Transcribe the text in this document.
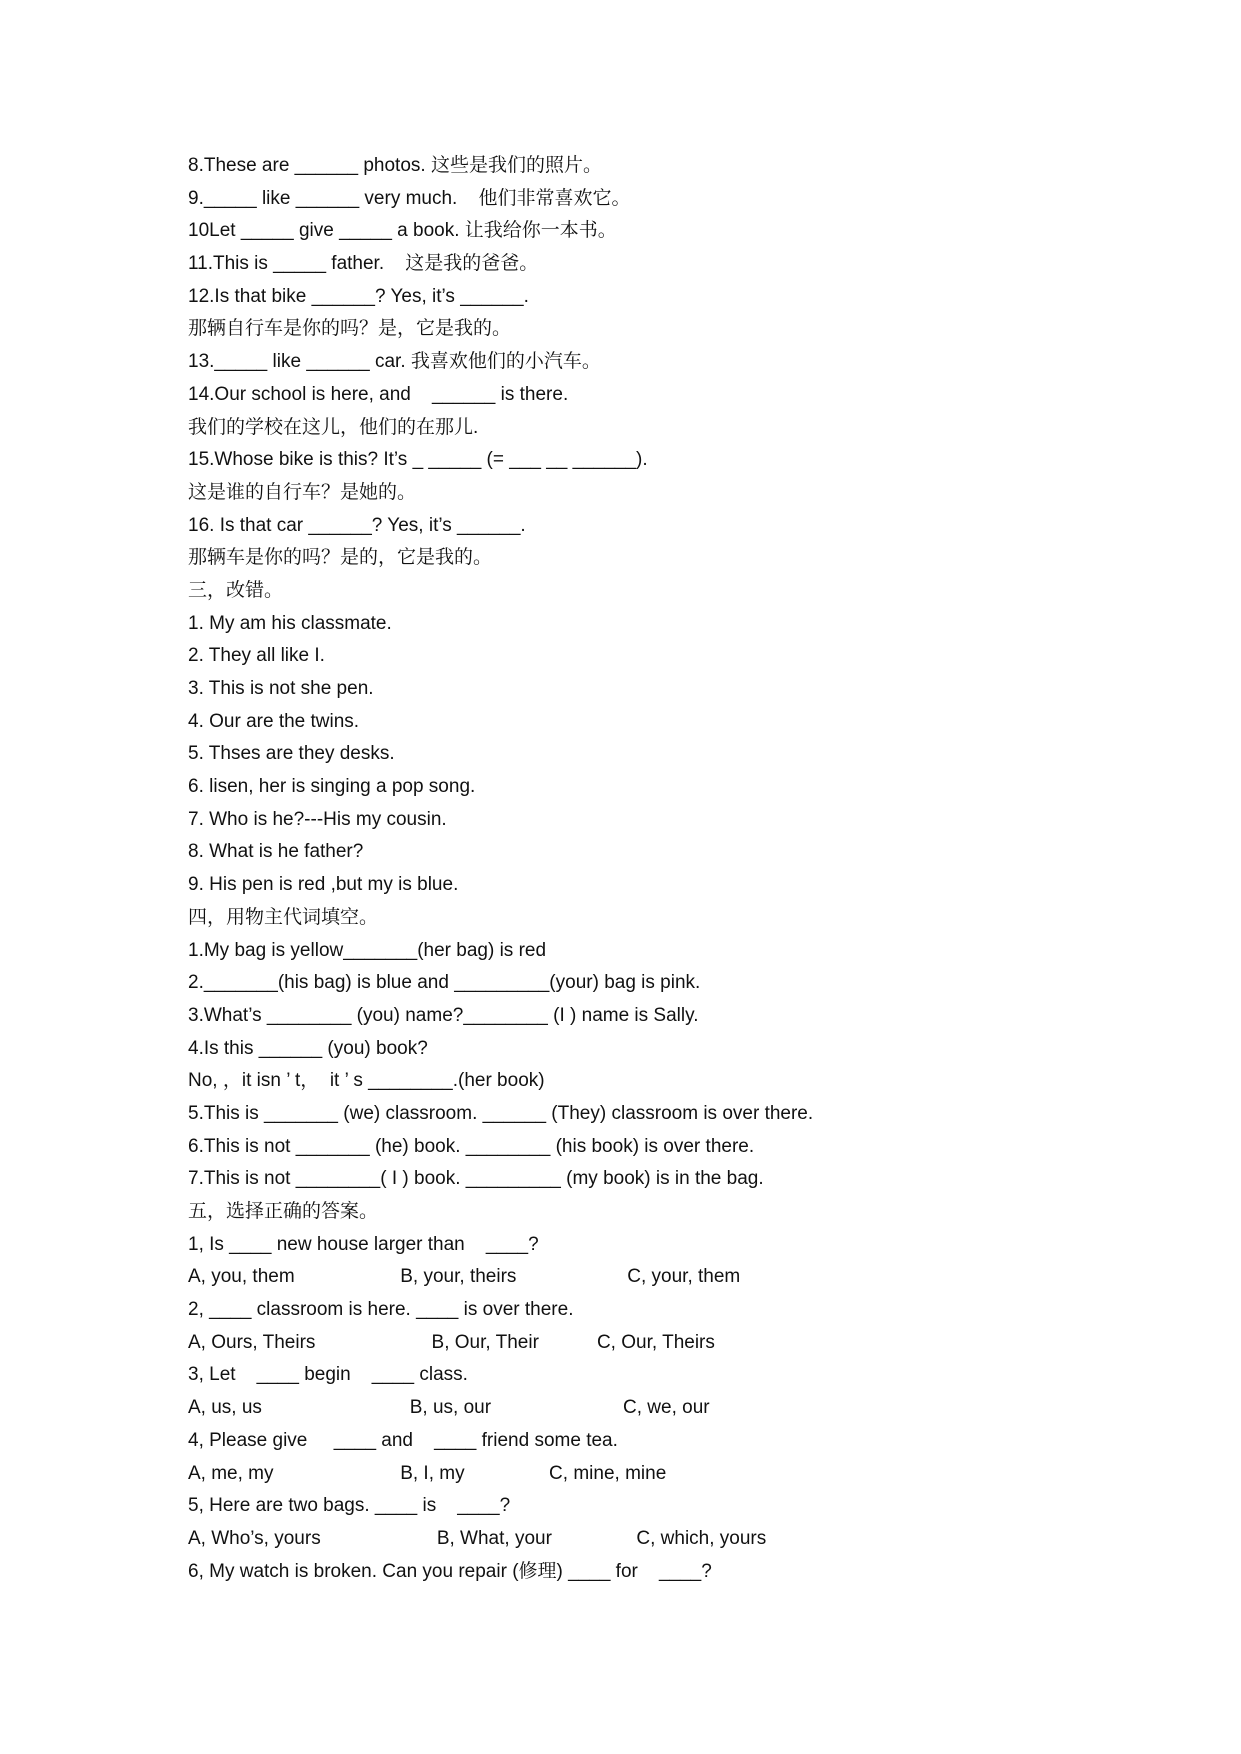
8.These are ______ photos. 这些是我们的照片。
9._____ like ______ very much.    他们非常喜欢它。
10Let _____ give _____ a book. 让我给你一本书。
11.This is _____ father.    这是我的爸爸。
12.Is that bike ______? Yes, it’s ______.
那辆自行车是你的吗？是，它是我的。
13._____ like ______ car. 我喜欢他们的小汽车。
14.Our school is here, and    ______ is there.
我们的学校在这儿，他们的在那儿.
15.Whose bike is this? It’s _ _____ (= ___ __ ______).
这是谁的自行车？是她的。
16. Is that car ______? Yes, it’s ______.
那辆车是你的吗？是的，它是我的。
三，改错。
1. My am his classmate.
2. They all like I.
3. This is not she pen.
4. Our are the twins.
5. Thses are they desks.
6. lisen, her is singing a pop song.
7. Who is he?---His my cousin.
8. What is he father?
9. His pen is red ,but my is blue.
四，用物主代词填空。
1.My bag is yellow_______(her bag) is red
2._______(his bag) is blue and _________(your) bag is pink.
3.What’s ________ (you) name?________ (I ) name is Sally.
4.Is this ______ (you) book?
No, ，it isn ’ t，  it ’ s ________.(her book)
5.This is _______ (we) classroom. ______ (They) classroom is over there.
6.This is not _______ (he) book. ________ (his book) is over there.
7.This is not ________( I ) book. _________ (my book) is in the bag.
五，选择正确的答案。
1, Is ____ new house larger than    ____?
A, you, them                    B, your, theirs                     C, your, them
2, ____ classroom is here. ____ is over there.
A, Ours, Theirs                      B, Our, Their           C, Our, Theirs
3, Let    ____ begin    ____ class.
A, us, us                            B, us, our                         C, we, our
4, Please give     ____ and    ____ friend some tea.
A, me, my                        B, I, my                C, mine, mine
5, Here are two bags. ____ is    ____?
A, Who’s, yours                      B, What, your                C, which, yours
6, My watch is broken. Can you repair (修理) ____ for    ____?
